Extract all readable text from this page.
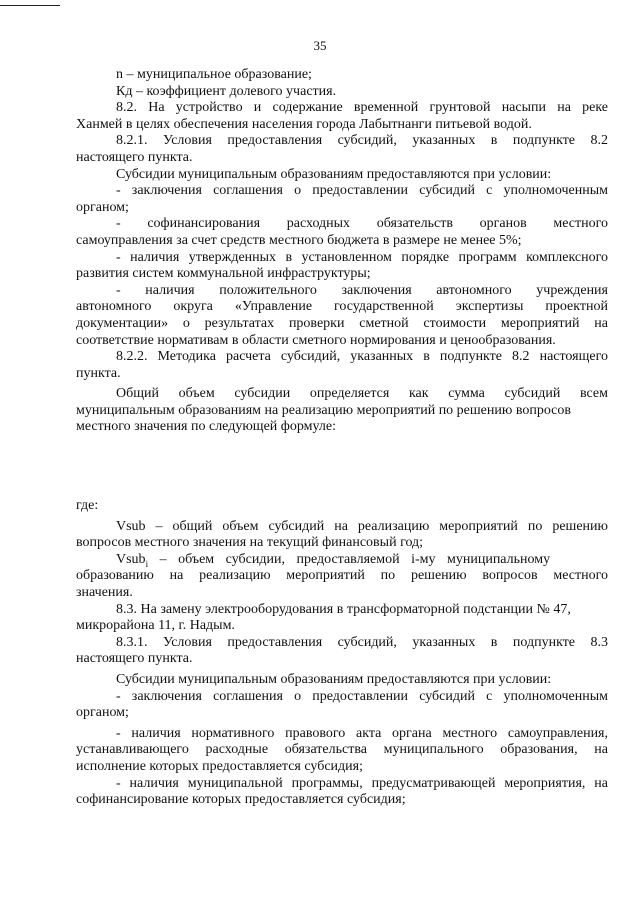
35
n – муниципальное образование;
Кд – коэффициент долевого участия.
8.2. На устройство и содержание временной грунтовой насыпи на реке
Ханмей в целях обеспечения населения города Лабытнанги питьевой водой.
8.2.1. Условия предоставления субсидий, указанных в подпункте 8.2
настоящего пункта.
Субсидии муниципальным образованиям предоставляются при условии:
- заключения соглашения о предоставлении субсидий с уполномоченным
органом;
- софинансирования расходных обязательств органов местного
самоуправления за счет средств местного бюджета в размере не менее 5%;
- наличия утвержденных в установленном порядке программ комплексного
развития систем коммунальной инфраструктуры;
- наличия положительного заключения автономного учреждения
автономного округа «Управление государственной экспертизы проектной
документации» о результатах проверки сметной стоимости мероприятий на
соответствие нормативам в области сметного нормирования и ценообразования.
8.2.2. Методика расчета субсидий, указанных в подпункте 8.2 настоящего
пункта.
Общий объем субсидии определяется как сумма субсидий всем
муниципальным образованиям на реализацию мероприятий по решению вопросов
местного значения по следующей формуле:
где:
Vsub – общий объем субсидий на реализацию мероприятий по решению
вопросов местного значения на текущий финансовый год;
Vsub$_i$ – объем субсидии, предоставляемой i-му муниципальному
образованию на реализацию мероприятий по решению вопросов местного
значения.
8.3. На замену электрооборудования в трансформаторной подстанции № 47,
микрорайона 11, г. Надым.
8.3.1. Условия предоставления субсидий, указанных в подпункте 8.3
настоящего пункта.
Субсидии муниципальным образованиям предоставляются при условии:
- заключения соглашения о предоставлении субсидий с уполномоченным
органом;
- наличия нормативного правового акта органа местного самоуправления,
устанавливающего расходные обязательства муниципального образования, на
исполнение которых предоставляется субсидия;
- наличия муниципальной программы, предусматривающей мероприятия, на
софинансирование которых предоставляется субсидия;
